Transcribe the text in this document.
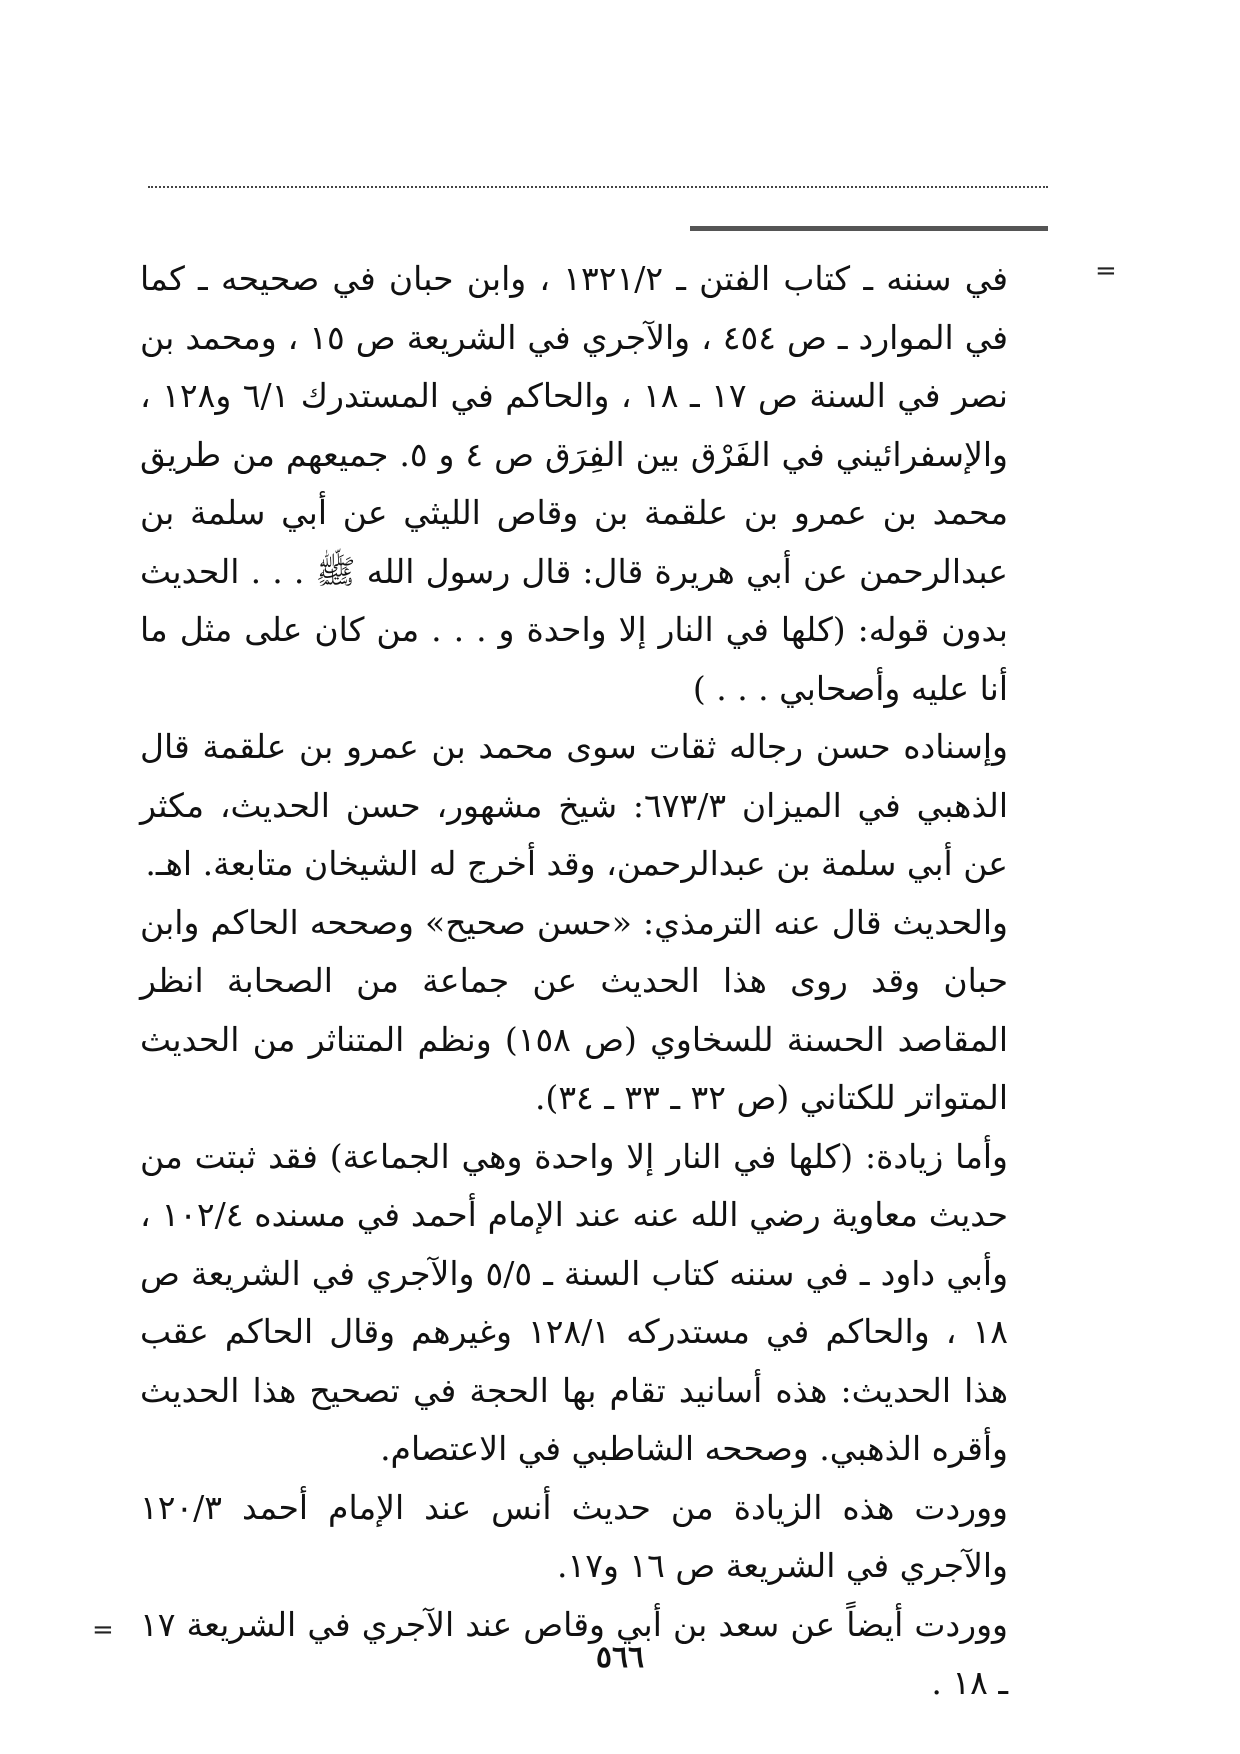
=

في سننه ـ كتاب الفتن ـ ١٣٢١/٢ ، وابن حبان في صحيحه ـ كما في الموارد ـ ص ٤٥٤ ، والآجري في الشريعة ص ١٥ ، ومحمد بن نصر في السنة ص ١٧ ـ ١٨ ، والحاكم في المستدرك ٦/١ و١٢٨ ، والإسفرائيني في الفَرْق بين الفِرَق ص ٤ و ٥. جميعهم من طريق محمد بن عمرو بن علقمة بن وقاص الليثي عن أبي سلمة بن عبدالرحمن عن أبي هريرة قال: قال رسول الله ﷺ . . . الحديث بدون قوله: (كلها في النار إلا واحدة و . . . من كان على مثل ما أنا عليه وأصحابي . . . )

وإسناده حسن رجاله ثقات سوى محمد بن عمرو بن علقمة قال الذهبي في الميزان ٦٧٣/٣: شيخ مشهور، حسن الحديث، مكثر عن أبي سلمة بن عبدالرحمن، وقد أخرج له الشيخان متابعة. اهـ.

والحديث قال عنه الترمذي: «حسن صحيح» وصححه الحاكم وابن حبان وقد روى هذا الحديث عن جماعة من الصحابة انظر المقاصد الحسنة للسخاوي (ص ١٥٨) ونظم المتناثر من الحديث المتواتر للكتاني (ص ٣٢ ـ ٣٣ ـ ٣٤).

وأما زيادة: (كلها في النار إلا واحدة وهي الجماعة) فقد ثبتت من حديث معاوية رضي الله عنه عند الإمام أحمد في مسنده ١٠٢/٤ ، وأبي داود ـ في سننه كتاب السنة ـ ٥/٥ والآجري في الشريعة ص ١٨ ، والحاكم في مستدركه ١٢٨/١ وغيرهم وقال الحاكم عقب هذا الحديث: هذه أسانيد تقام بها الحجة في تصحيح هذا الحديث وأقره الذهبي. وصححه الشاطبي في الاعتصام.

ووردت هذه الزيادة من حديث أنس عند الإمام أحمد ١٢٠/٣ والآجري في الشريعة ص ١٦ و١٧.

ووردت أيضاً عن سعد بن أبي وقاص عند الآجري في الشريعة ١٧ ـ ١٨ .

=
٥٦٦
